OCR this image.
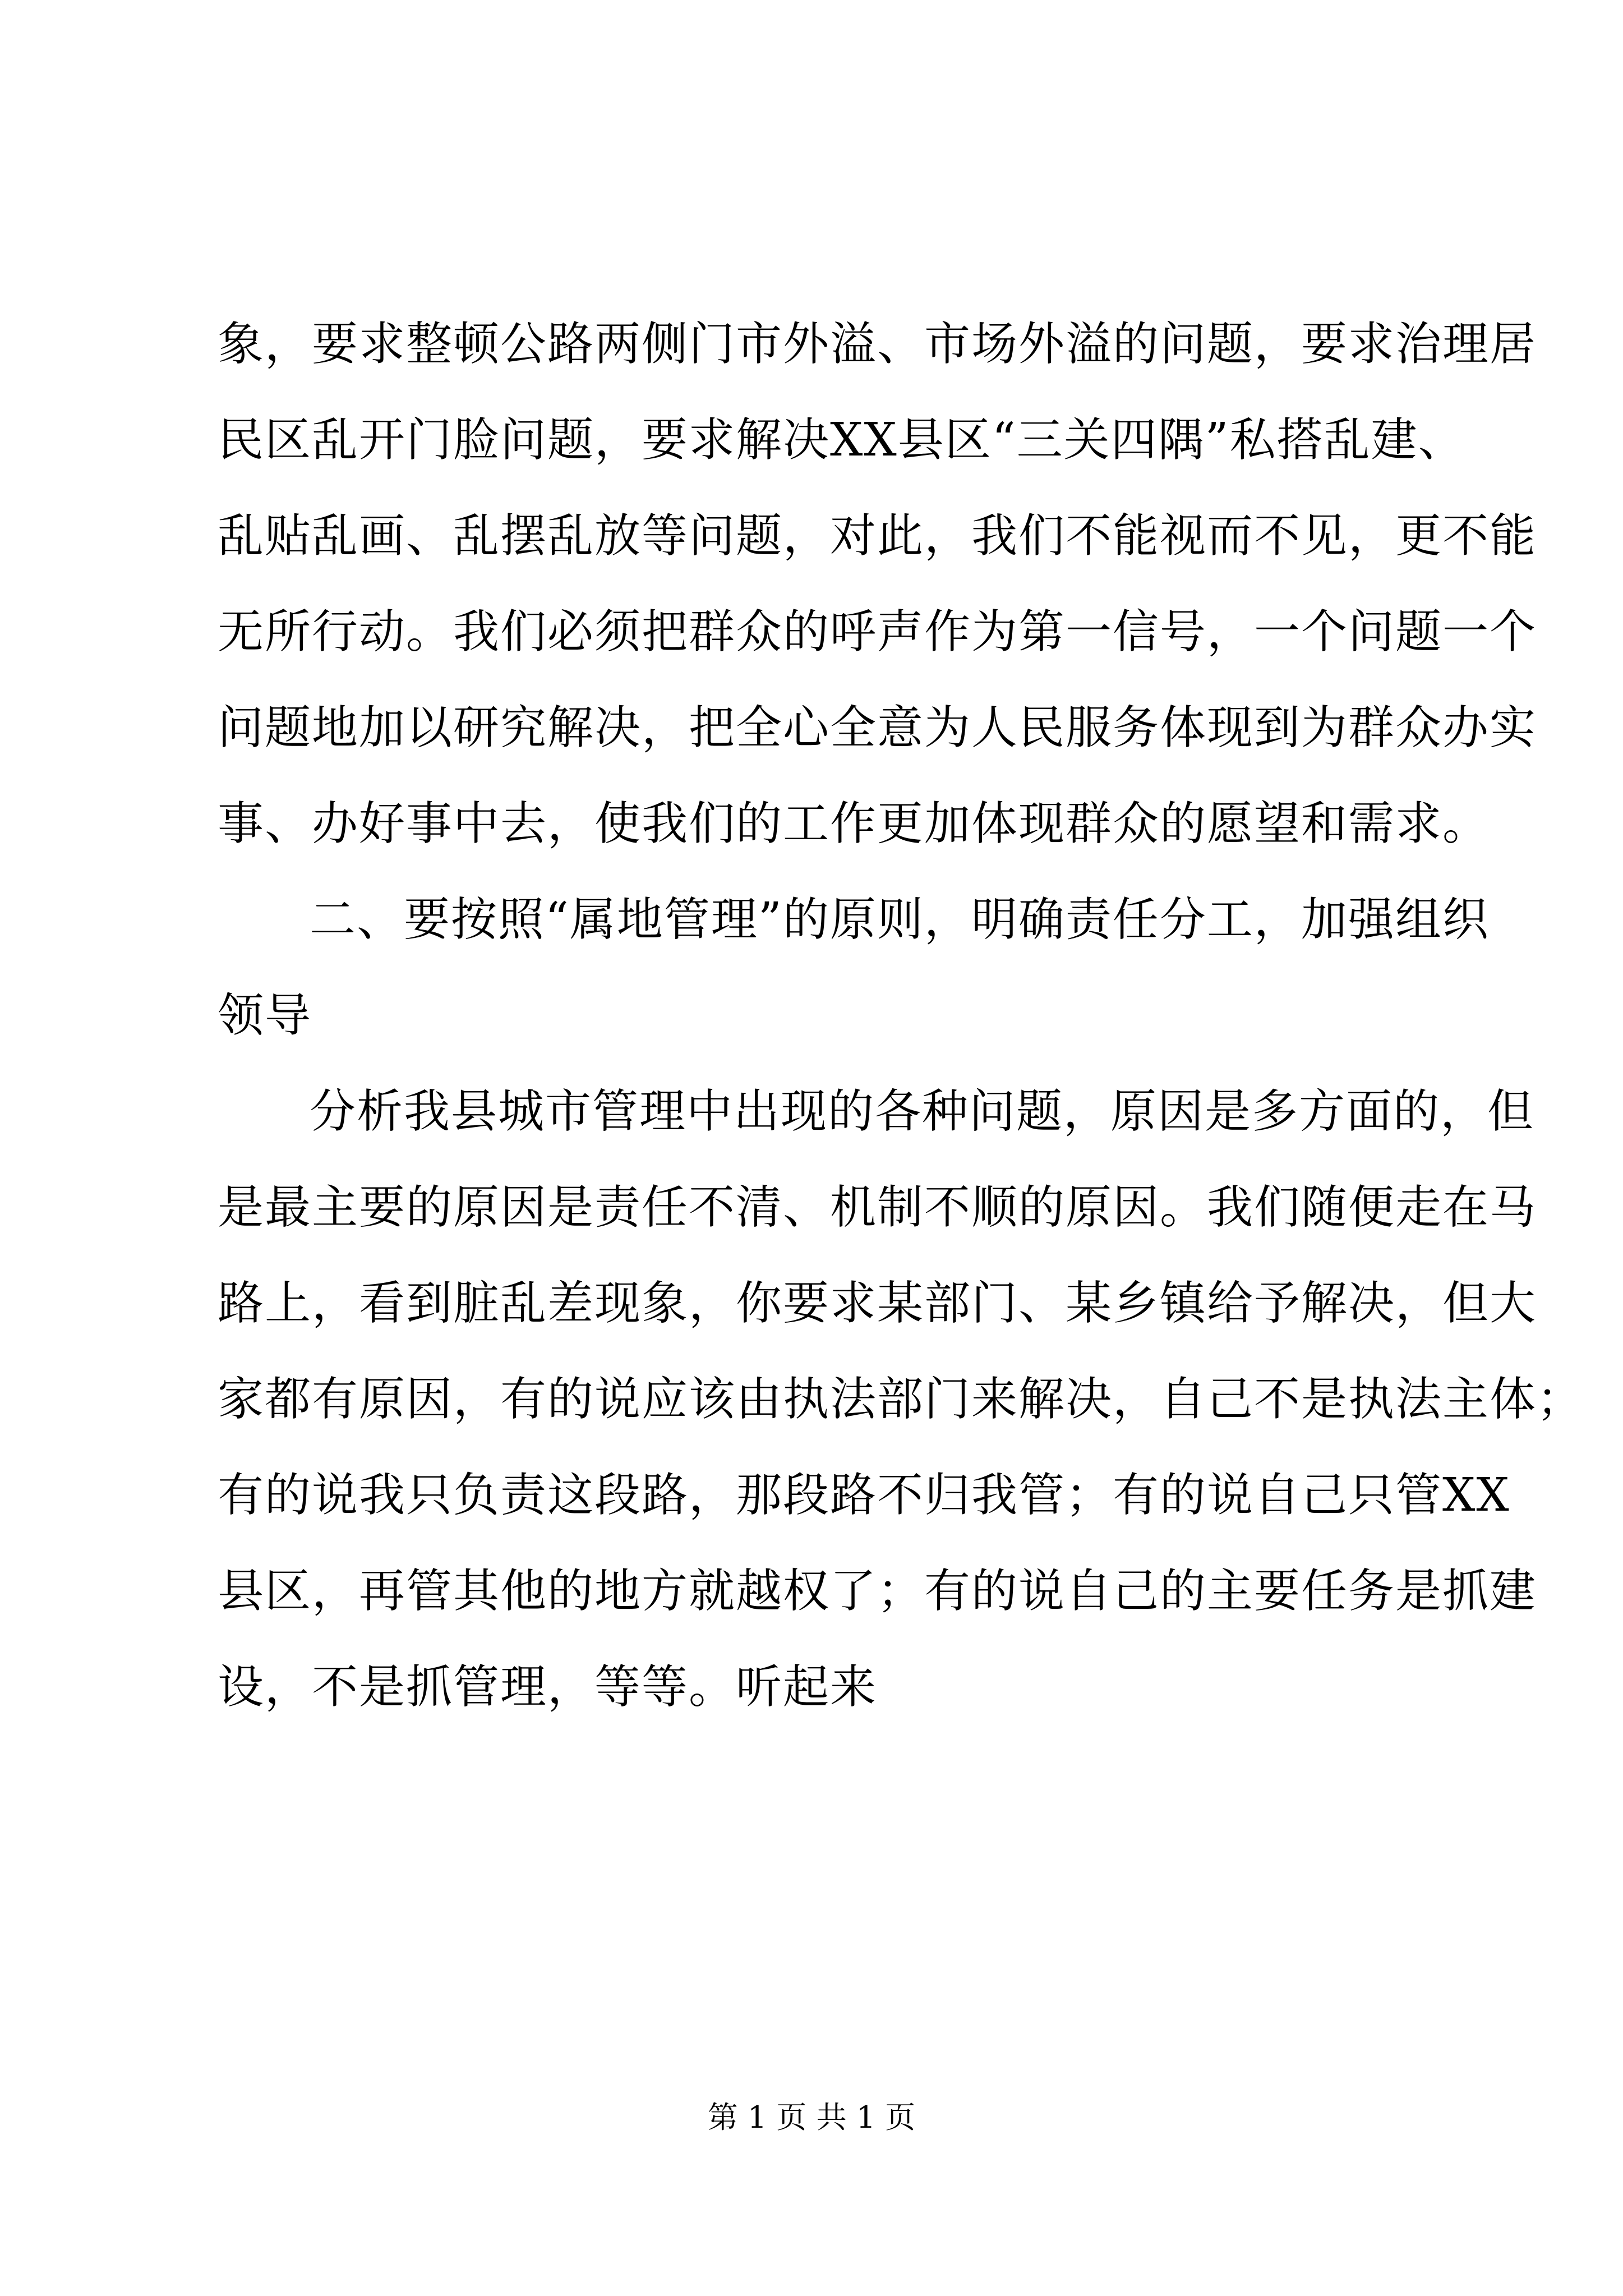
象，要求整顿公路两侧门市外溢、市场外溢的问题，要求治理居
民区乱开门脸问题，要求解决XX县区“三关四隅”私搭乱建、
乱贴乱画、乱摆乱放等问题，对此，我们不能视而不见，更不能
无所行动。我们必须把群众的呼声作为第一信号，一个问题一个
问题地加以研究解决，把全心全意为人民服务体现到为群众办实
事、办好事中去，使我们的工作更加体现群众的愿望和需求。
二、要按照“属地管理”的原则，明确责任分工，加强组织
领导
分析我县城市管理中出现的各种问题，原因是多方面的，但
是最主要的原因是责任不清、机制不顺的原因。我们随便走在马
路上，看到脏乱差现象，你要求某部门、某乡镇给予解决，但大
家都有原因，有的说应该由执法部门来解决，自己不是执法主体；
有的说我只负责这段路，那段路不归我管；有的说自己只管XX
县区，再管其他的地方就越权了；有的说自己的主要任务是抓建
设，不是抓管理，等等。听起来
第 1 页 共 1 页
